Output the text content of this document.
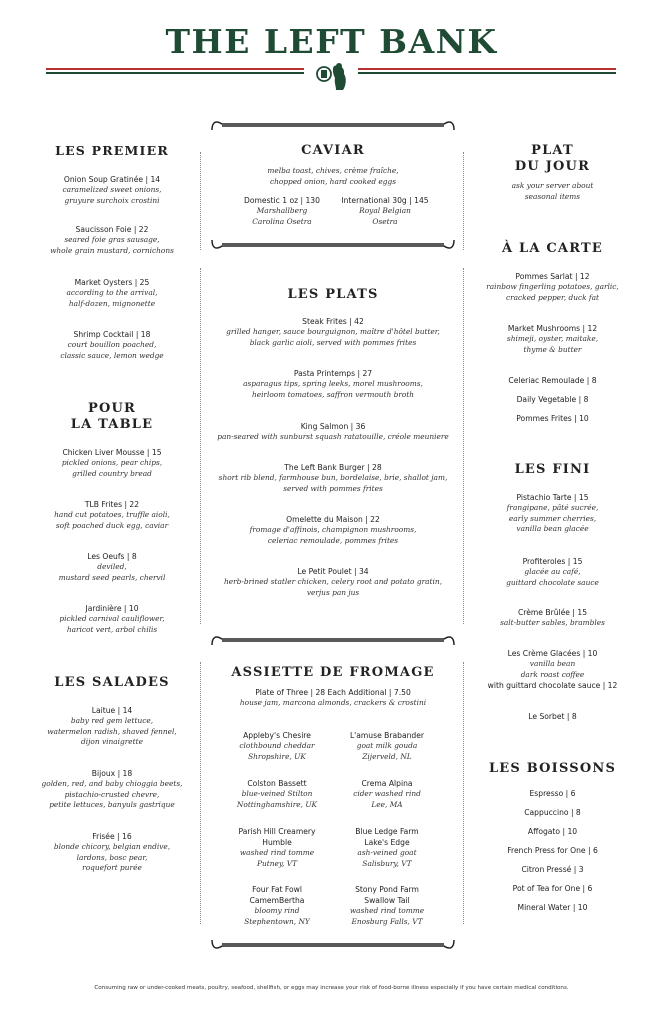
THE LEFT BANK
LES PREMIER
Onion Soup Gratinée | 14
caramelized sweet onions,
gruyure surchoix crostini
Saucisson Foie | 22
seared foie gras sausage,
whole grain mustard, cornichons
Market Oysters | 25
according to the arrival,
half-dozen, mignonette
Shrimp Cocktail | 18
court bouillon poached,
classic sauce, lemon wedge
POUR
LA TABLE
Chicken Liver Mousse | 15
pickled onions, pear chips,
grilled country bread
TLB Frites | 22
hand cut potatoes, truffle aioli,
soft poached duck egg, caviar
Les Oeufs | 8
deviled,
mustard seed pearls, chervil
Jardinière | 10
pickled carnival cauliflower,
haricot vert, arbol chilis
LES SALADES
Laitue | 14
baby red gem lettuce,
watermelon radish, shaved fennel,
dijon vinaigrette
Bijoux | 18
golden, red, and baby chioggia beets,
pistachio-crusted chevre,
petite lettuces, banyuls gastrique
Frisée | 16
blonde chicory, belgian endive,
lardons, bosc pear,
roquefort purée
CAVIAR
melba toast, chives, crème fraîche,
chopped onion, hard cooked eggs
Domestic 1 oz | 130
Marshallberg
Carolina Osetra
International 30g | 145
Royal Belgian
Osetra
LES PLATS
Steak Frites | 42
grilled hanger, sauce bourguignon, maître d'hôtel butter,
black garlic aioli, served with pommes frites
Pasta Printemps | 27
asparagus tips, spring leeks, morel mushrooms,
heirloom tomatoes, saffron vermouth broth
King Salmon | 36
pan-seared with sunburst squash ratatouille, créole meuniere
The Left Bank Burger | 28
short rib blend, farmhouse bun, bordelaise, brie, shallot jam,
served with pommes frites
Omelette du Maison | 22
fromage d'affinois, champignon mushrooms,
celeriac remoulade, pommes frites
Le Petit Poulet | 34
herb-brined statler chicken, celery root and potato gratin,
verjus pan jus
ASSIETTE DE FROMAGE
Plate of Three | 28 Each Additional | 7.50
house jam, marcona almonds, crackers & crostini
Appleby's Chesire
clothbound cheddar
Shropshire, UK
L'amuse Brabander
goat milk gouda
Zijerveld, NL
Colston Bassett
blue-veined Stilton
Nottinghamshire, UK
Crema Alpina
cider washed rind
Lee, MA
Parish Hill Creamery
Humble
washed rind tomme
Putney, VT
Blue Ledge Farm
Lake's Edge
ash-veined goat
Salisbury, VT
Four Fat Fowl
CamemBertha
bloomy rind
Stephentown, NY
Stony Pond Farm
Swallow Tail
washed rind tomme
Enosburg Falls, VT
PLAT
DU JOUR
ask your server about
seasonal items
À LA CARTE
Pommes Sarlat | 12
rainbow fingerling potatoes, garlic,
cracked pepper, duck fat
Market Mushrooms | 12
shimeji, oyster, maitake,
thyme & butter
Celeriac Remoulade | 8
Daily Vegetable | 8
Pommes Frites | 10
LES FINI
Pistachio Tarte | 15
frangipane, pâté sucrée,
early summer cherries,
vanilla bean glacée
Profiteroles | 15
glacée au café,
guittard chocolate sauce
Crème Brûlée | 15
salt-butter sables, brambles
Les Crème Glacées | 10
vanilla bean
dark roast coffee
with guittard chocolate sauce | 12
Le Sorbet | 8
LES BOISSONS
Espresso | 6
Cappuccino | 8
Affogato | 10
French Press for One | 6
Citron Pressé | 3
Pot of Tea for One | 6
Mineral Water | 10
Consuming raw or under-cooked meats, poultry, seafood, shellfish, or eggs may increase your risk of food-borne illness especially if you have certain medical conditions.
